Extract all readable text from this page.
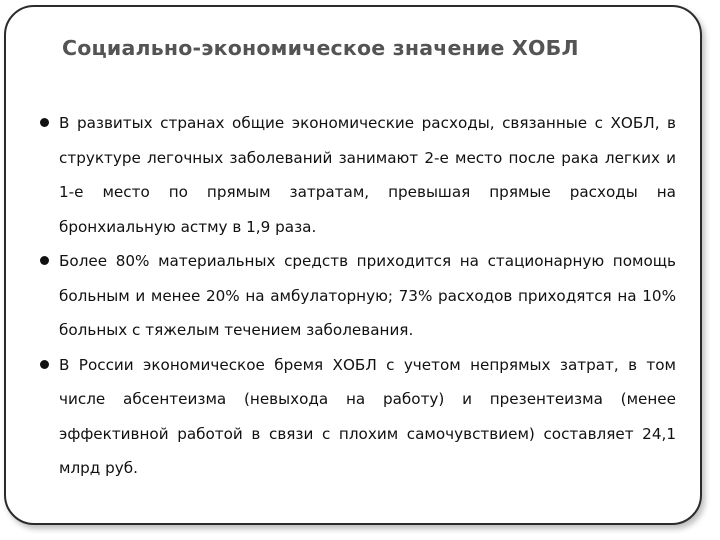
Социально-экономическое значение ХОБЛ
В развитых странах общие экономические расходы, связанные с ХОБЛ, в структуре легочных заболеваний занимают 2-е место после рака легких и 1-е место по прямым затратам, превышая прямые расходы на бронхиальную астму в 1,9 раза.
Более 80% материальных средств приходится на стационарную помощь больным и менее 20% на амбулаторную; 73% расходов приходятся на 10% больных с тяжелым течением заболевания.
В России экономическое бремя ХОБЛ с учетом непрямых затрат, в том числе абсентеизма (невыхода на работу) и презентеизма (менее эффективной работой в связи с плохим самочувствием) составляет 24,1 млрд руб.
